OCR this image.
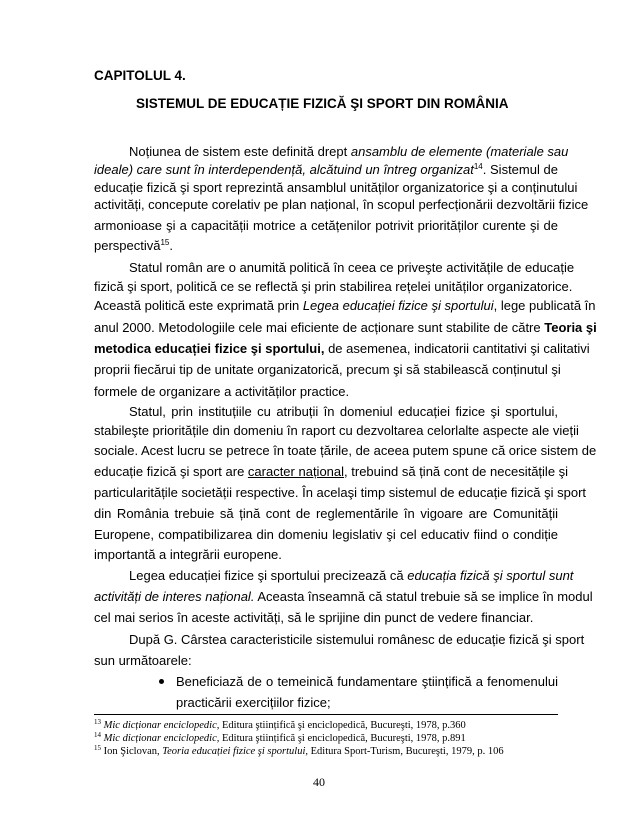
CAPITOLUL 4.
SISTEMUL DE EDUCAȚIE FIZICĂ ŞI SPORT DIN ROMÂNIA
Noțiunea de sistem este definită drept ansamblu de elemente (materiale sau
ideale) care sunt în interdependență, alcătuind un întreg organizat$^{14}$. Sistemul de
educație fizică şi sport reprezintă ansamblul unităților organizatorice şi a conținutului
activități, concepute corelativ pe plan național, în scopul perfecționării dezvoltării fizice
armonioase şi a capacității motrice a cetățenilor potrivit priorităților curente şi de
perspectivă$^{15}$.
Statul român are o anumită politică în ceea ce priveşte activitățile de educație
fizică şi sport, politică ce se reflectă şi prin stabilirea rețelei unităților organizatorice.
Această politică este exprimată prin Legea educației fizice şi sportului, lege publicată în
anul 2000. Metodologiile cele mai eficiente de acționare sunt stabilite de către Teoria şi
metodica educației fizice şi sportului, de asemenea, indicatorii cantitativi şi calitativi
proprii fiecărui tip de unitate organizatorică, precum şi să stabilească conținutul şi
formele de organizare a activităților practice.
Statul, prin instituțiile cu atribuții în domeniul educației fizice şi sportului,
stabileşte prioritățile din domeniu în raport cu dezvoltarea celorlalte aspecte ale vieții
sociale. Acest lucru se petrece în toate țările, de aceea putem spune că orice sistem de
educație fizică şi sport are caracter național, trebuind să țină cont de necesitățile şi
particularitățile societății respective. În acelaşi timp sistemul de educație fizică şi sport
din România trebuie să țină cont de reglementările în vigoare are Comunității
Europene, compatibilizarea din domeniu legislativ şi cel educativ fiind o condiție
importantă a integrării europene.
Legea educației fizice şi sportului precizează că educația fizică şi sportul sunt
activități de interes național. Aceasta înseamnă că statul trebuie să se implice în modul
cel mai serios în aceste activități, să le sprijine din punct de vedere financiar.
După G. Cârstea caracteristicile sistemului românesc de educație fizică şi sport
sun următoarele:
Beneficiază de o temeinică fundamentare ştiințifică a fenomenului
practicării exercițiilor fizice;
$^{13}$ Mic dicționar enciclopedic, Editura ştiințifică şi enciclopedică, Bucureşti, 1978, p.360
$^{14}$ Mic dicționar enciclopedic, Editura ştiințifică şi enciclopedică, Bucureşti, 1978, p.891
$^{15}$ Ion Şiclovan, Teoria educației fizice şi sportului, Editura Sport-Turism, Bucureşti, 1979, p. 106
40
